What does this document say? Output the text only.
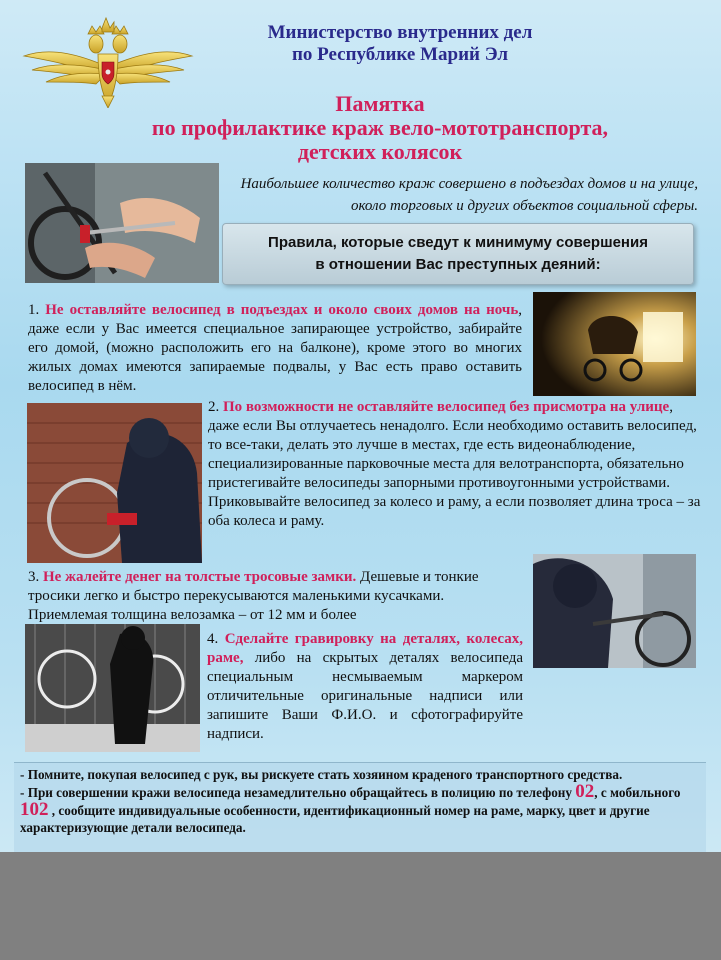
Министерство внутренних дел
по Республике Марий Эл
Памятка
по профилактике краж вело-мототранспорта,
детских колясок
Наибольшее количество краж совершено в подъездах домов и на улице, около торговых и других объектов социальной сферы.
Правила, которые сведут к минимуму совершения
в отношении Вас преступных деяний:
1. Не оставляйте велосипед в подъездах и около своих домов на ночь, даже если у Вас имеется специальное запирающее устройство, забирайте его домой, (можно расположить его на балконе), кроме этого во многих жилых домах имеются запираемые подвалы, у Вас есть право оставить велосипед в нём.
2. По возможности не оставляйте велосипед без присмотра на улице, даже если Вы отлучаетесь ненадолго. Если необходимо оставить велосипед, то все-таки, делать это лучше в местах, где есть видеонаблюдение, специализированные парковочные места для велотранспорта, обязательно пристегивайте велосипеды запорными противоугонными устройствами. Приковывайте велосипед за колесо и раму, а если позволяет длина троса – за оба колеса и раму.
3. Не жалейте денег на толстые тросовые замки. Дешевые и тонкие тросики легко и быстро перекусываются маленькими кусачками. Приемлемая толщина велозамка – от 12 мм и более
4. Сделайте гравировку на деталях, колесах, раме, либо на скрытых деталях велосипеда специальным несмываемым маркером отличительные оригинальные надписи или запишите Ваши Ф.И.О. и сфотографируйте надписи.
- Помните, покупая велосипед с рук, вы рискуете стать хозяином краденого транспортного средства.
- При совершении кражи велосипеда незамедлительно обращайтесь в полицию по телефону 02, с мобильного 102 , сообщите индивидуальные особенности, идентификационный номер на раме, марку, цвет и другие характеризующие детали велосипеда.
